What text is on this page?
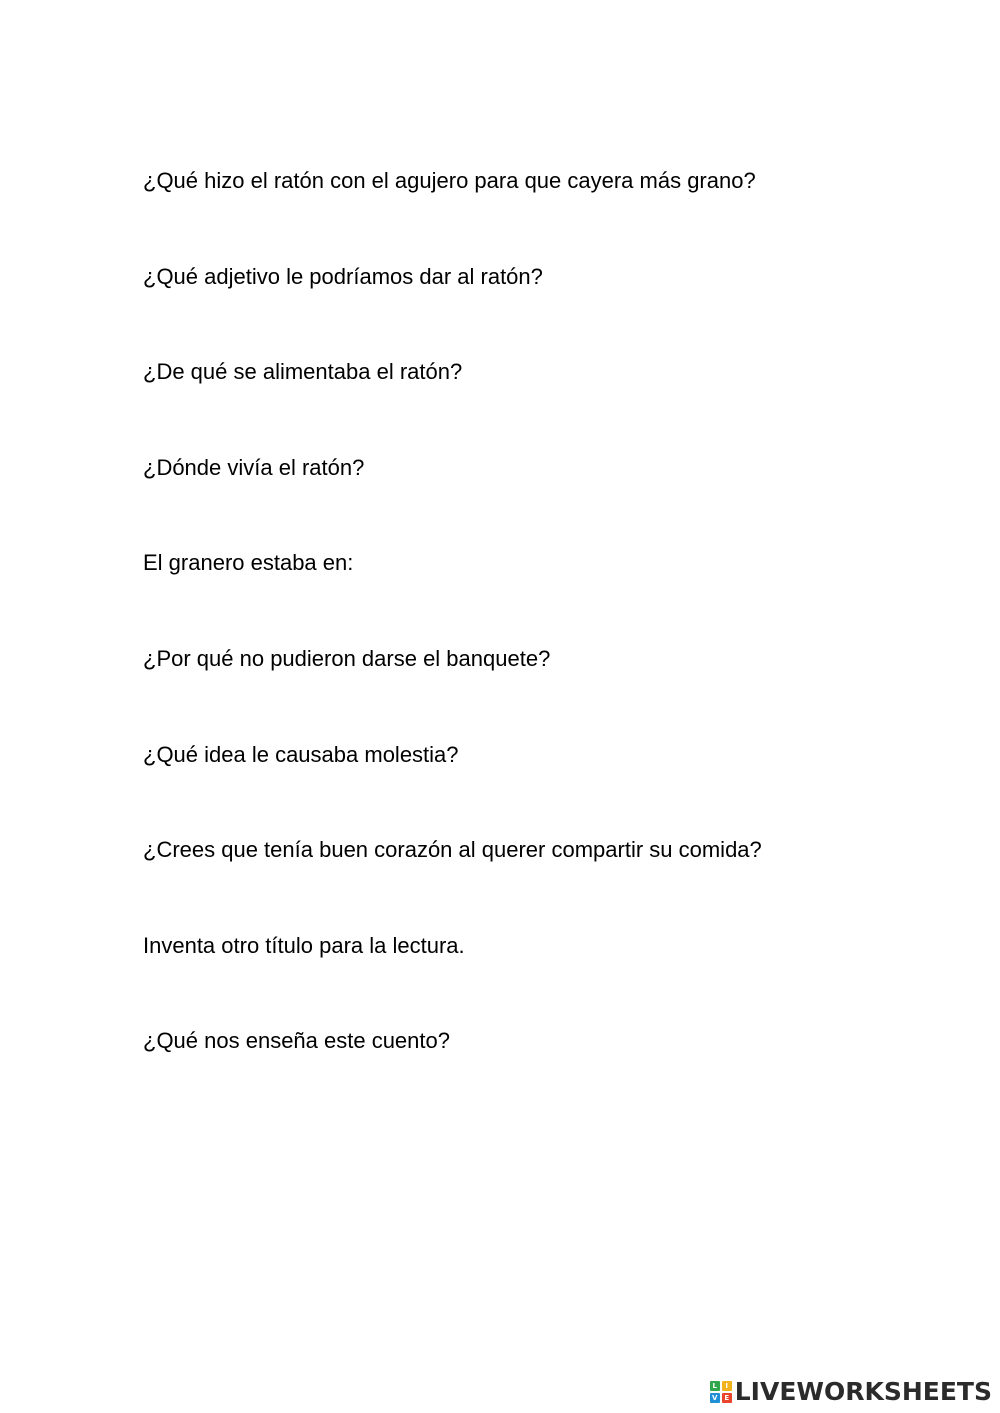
¿Qué hizo el ratón con el agujero para que cayera más grano?
¿Qué adjetivo le podríamos dar al ratón?
¿De qué se alimentaba el ratón?
¿Dónde vivía el ratón?
El granero estaba en:
¿Por qué no pudieron darse el banquete?
¿Qué idea le causaba molestia?
¿Crees que tenía buen corazón al querer compartir su comida?
Inventa otro título para la lectura.
¿Qué nos enseña este cuento?
L	I
V E LIVEWORKSHEETS
